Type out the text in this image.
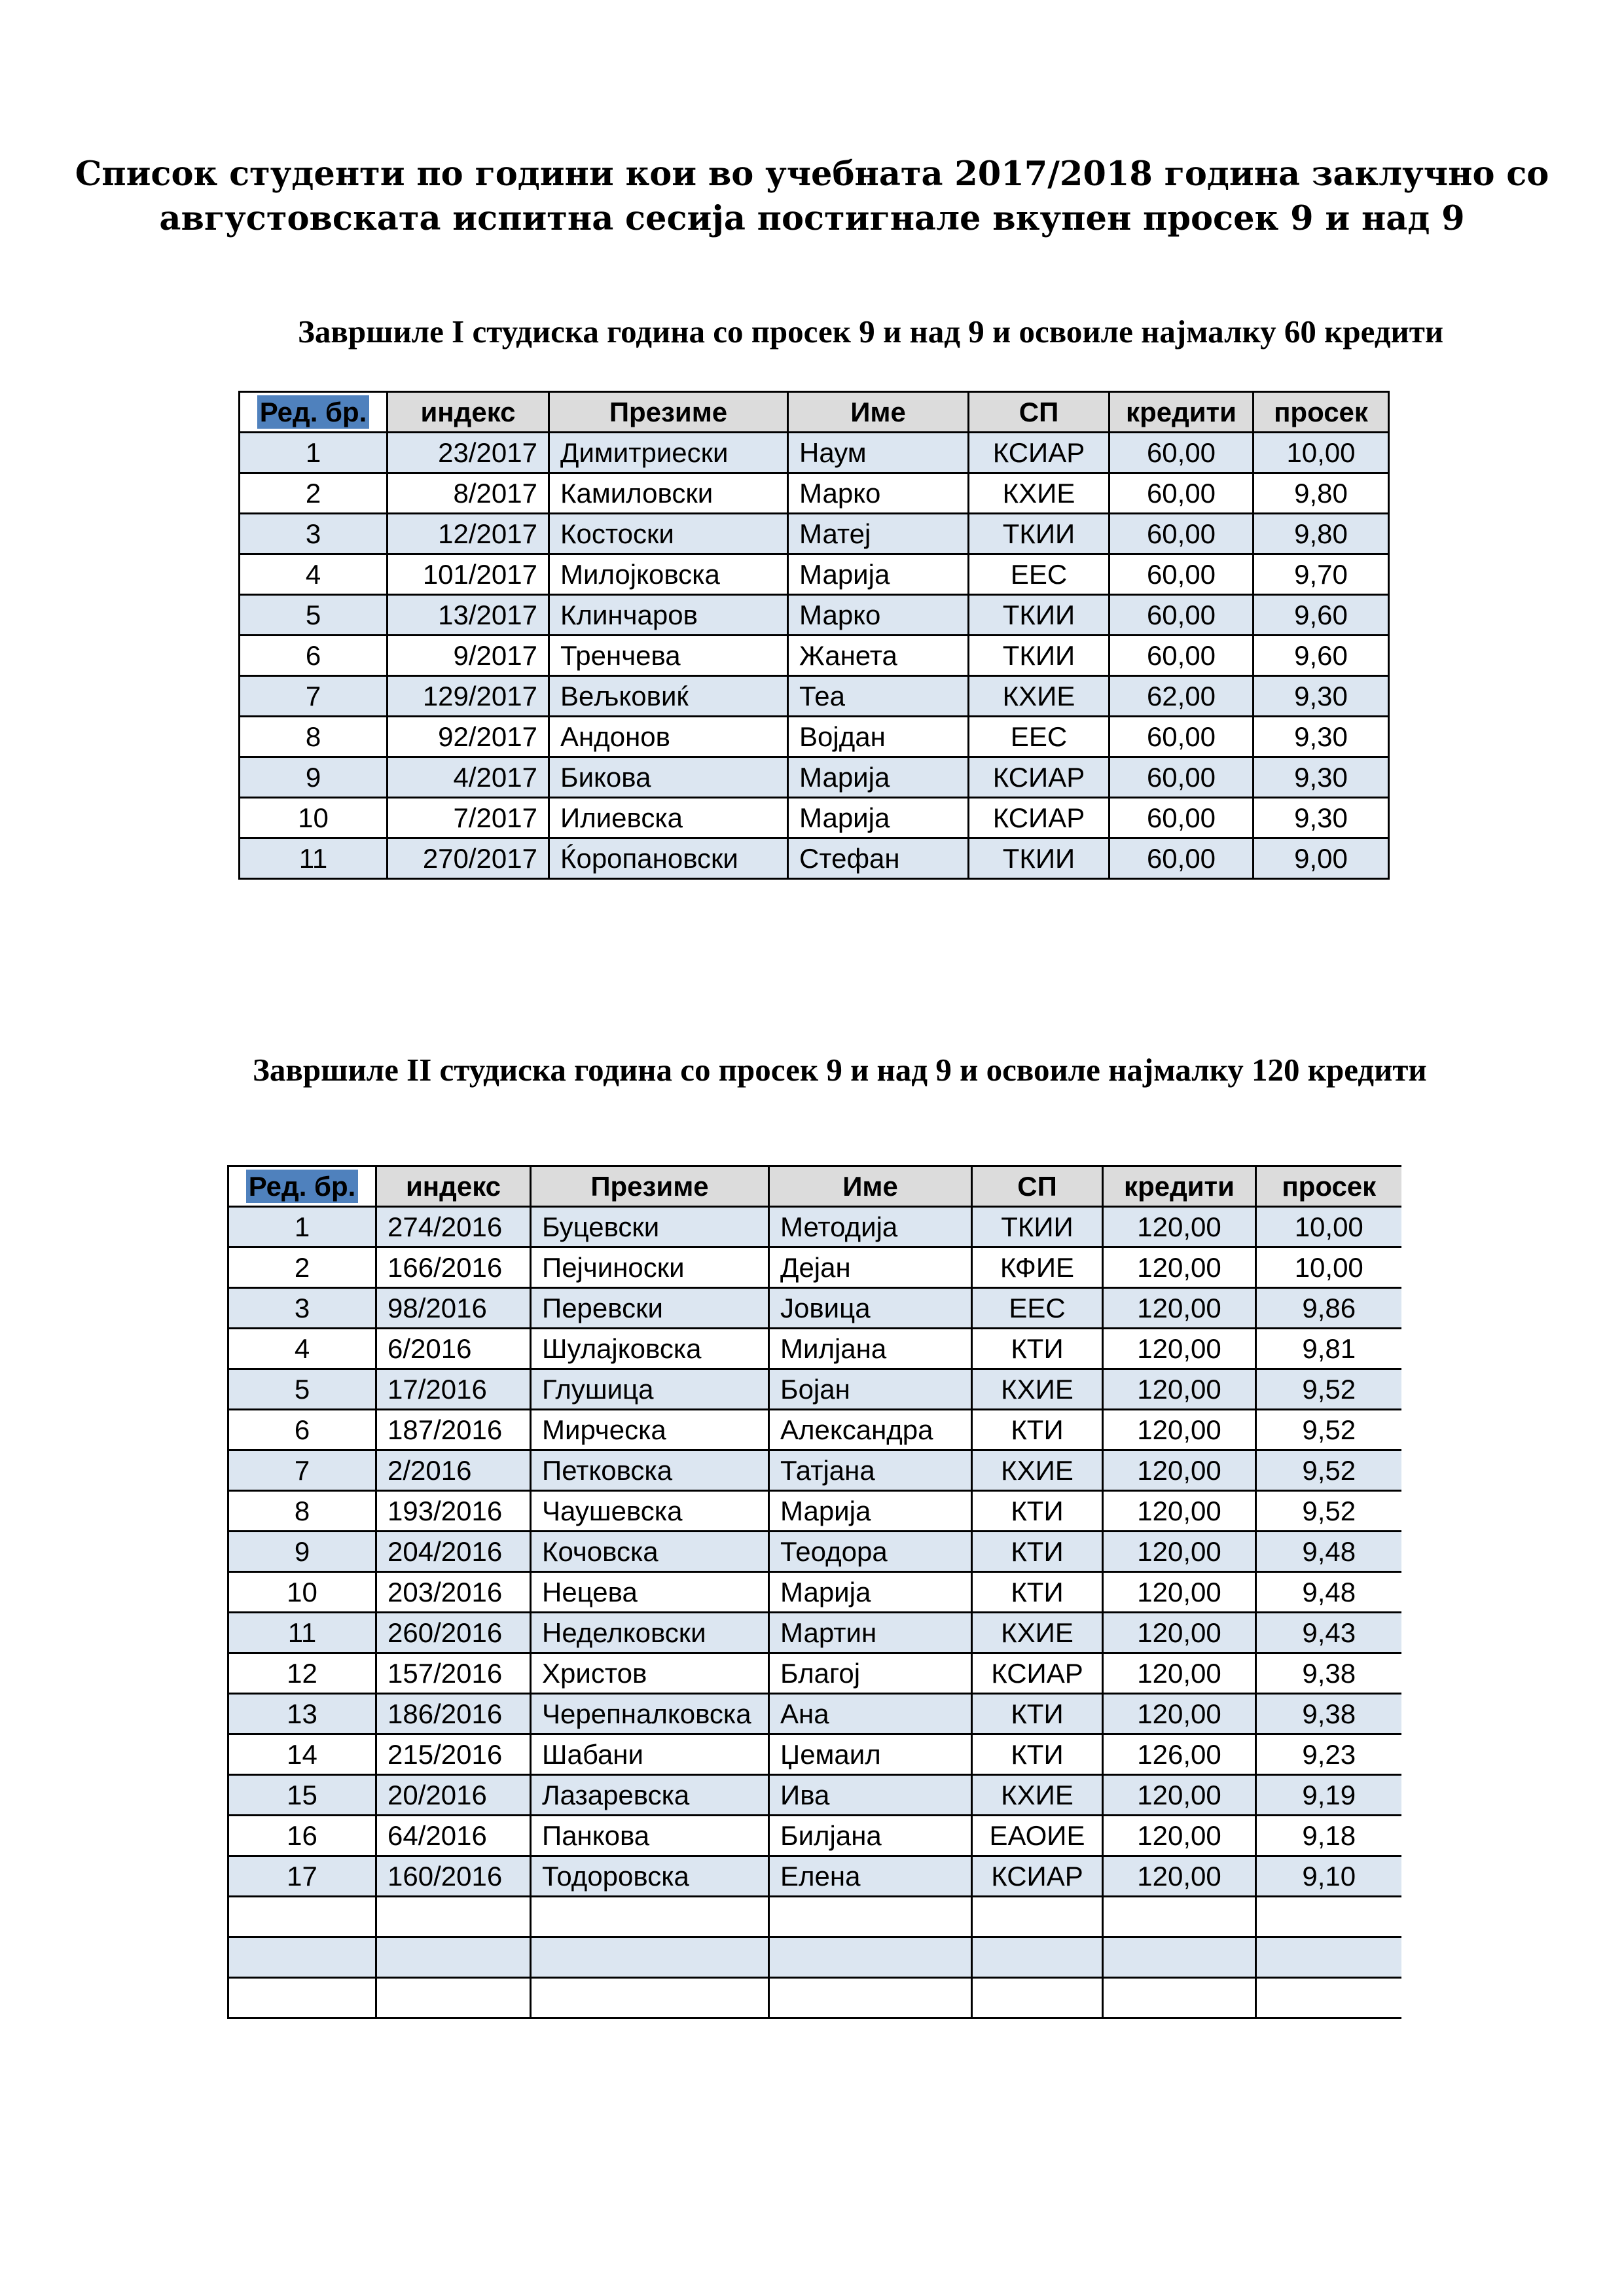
Список студенти по години кои во учебната 2017/2018 година заклучно со
августовската испитна сесија постигнале вкупен просек 9 и над 9
Завршиле I студиска година со просек 9 и над 9 и освоиле најмалку 60 кредити
Ред. бр.	индекс	Презиме	Име	СП	кредити	просек
1	23/2017	Димитриески	Наум	КСИАР	60,00	10,00
2	8/2017	Камиловски	Марко	КХИЕ	60,00	9,80
3	12/2017	Костоски	Матеј	ТКИИ	60,00	9,80
4	101/2017	Милојковска	Марија	ЕЕС	60,00	9,70
5	13/2017	Клинчаров	Марко	ТКИИ	60,00	9,60
6	9/2017	Тренчева	Жанета	ТКИИ	60,00	9,60
7	129/2017	Вељковиќ	Теа	КХИЕ	62,00	9,30
8	92/2017	Андонов	Војдан	ЕЕС	60,00	9,30
9	4/2017	Бикова	Марија	КСИАР	60,00	9,30
10	7/2017	Илиевска	Марија	КСИАР	60,00	9,30
11	270/2017	Ќоропановски	Стефан	ТКИИ	60,00	9,00
Завршиле II студиска година со просек 9 и над 9 и освоиле најмалку 120 кредити
Ред. бр.	индекс	Презиме	Име	СП	кредити	просек
1	274/2016	Буцевски	Методија	ТКИИ	120,00	10,00
2	166/2016	Пејчиноски	Дејан	КФИЕ	120,00	10,00
3	98/2016	Перевски	Јовица	ЕЕС	120,00	9,86
4	6/2016	Шулајковска	Милјана	КТИ	120,00	9,81
5	17/2016	Глушица	Бојан	КХИЕ	120,00	9,52
6	187/2016	Мирческа	Александра	КТИ	120,00	9,52
7	2/2016	Петковска	Татјана	КХИЕ	120,00	9,52
8	193/2016	Чаушевска	Марија	КТИ	120,00	9,52
9	204/2016	Кочовска	Теодора	КТИ	120,00	9,48
10	203/2016	Нецева	Марија	КТИ	120,00	9,48
11	260/2016	Неделковски	Мартин	КХИЕ	120,00	9,43
12	157/2016	Христов	Благој	КСИАР	120,00	9,38
13	186/2016	Черепналковска	Ана	КТИ	120,00	9,38
14	215/2016	Шабани	Џемаил	КТИ	126,00	9,23
15	20/2016	Лазаревска	Ива	КХИЕ	120,00	9,19
16	64/2016	Панкова	Билјана	ЕАОИЕ	120,00	9,18
17	160/2016	Тодоровска	Елена	КСИАР	120,00	9,10
